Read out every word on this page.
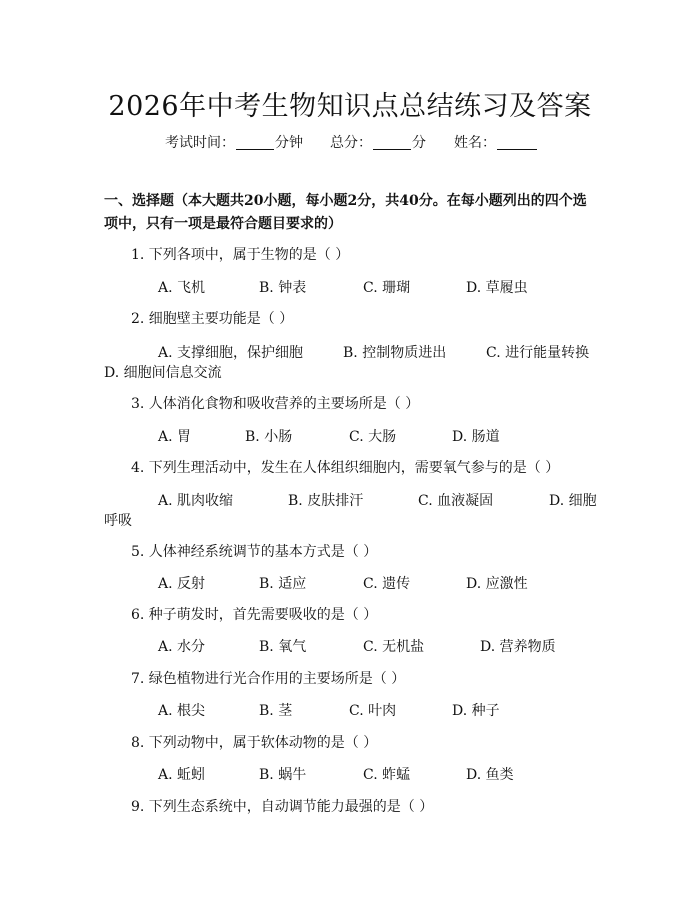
2026年中考生物知识点总结练习及答案
考试时间：	分钟 总分：	分 姓名：
一、选择题（本大题共20小题，每小题2分，共40分。在每小题列出的四个选项中，只有一项是最符合题目要求的）
1. 下列各项中，属于生物的是（ ）
A. 飞机	B. 钟表	C. 珊瑚	D. 草履虫
2. 细胞壁主要功能是（ ）
A. 支撑细胞，保护细胞	B. 控制物质进出	C. 进行能量转换
D. 细胞间信息交流
3. 人体消化食物和吸收营养的主要场所是（ ）
A. 胃	B. 小肠	C. 大肠	D. 肠道
4. 下列生理活动中，发生在人体组织细胞内，需要氧气参与的是（ ）
A. 肌肉收缩	B. 皮肤排汗	C. 血液凝固	D. 细胞
呼吸
5. 人体神经系统调节的基本方式是（ ）
A. 反射	B. 适应	C. 遗传	D. 应激性
6. 种子萌发时，首先需要吸收的是（ ）
A. 水分	B. 氧气	C. 无机盐	D. 营养物质
7. 绿色植物进行光合作用的主要场所是（ ）
A. 根尖	B. 茎	C. 叶肉	D. 种子
8. 下列动物中，属于软体动物的是（ ）
A. 蚯蚓	B. 蜗牛	C. 蚱蜢	D. 鱼类
9. 下列生态系统中，自动调节能力最强的是（ ）
